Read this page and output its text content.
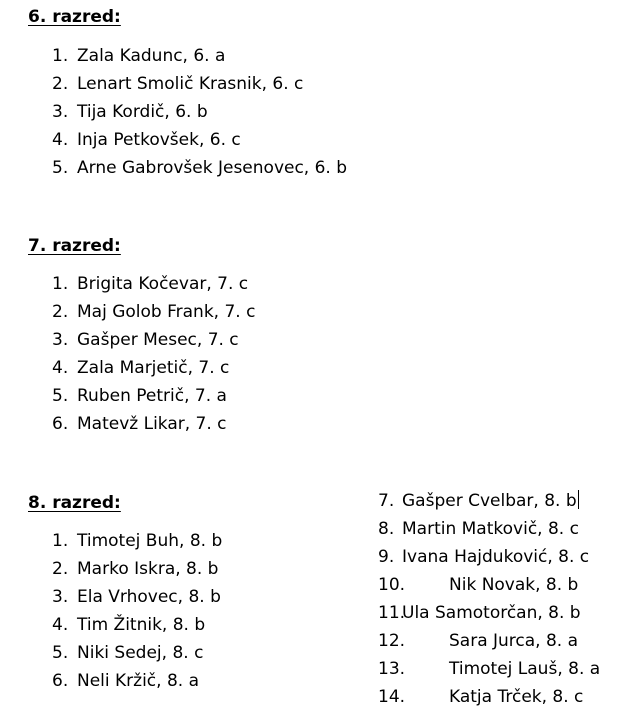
6. razred:

1. Zala Kadunc, 6. a
2. Lenart Smolič Krasnik, 6. c
3. Tija Kordič, 6. b
4. Inja Petkovšek, 6. c
5. Arne Gabrovšek Jesenovec, 6. b

7. razred:

1. Brigita Kočevar, 7. c
2. Maj Golob Frank, 7. c
3. Gašper Mesec, 7. c
4. Zala Marjetič, 7. c
5. Ruben Petrič, 7. a
6. Matevž Likar, 7. c

8. razred:

1. Timotej Buh, 8. b
2. Marko Iskra, 8. b
3. Ela Vrhovec, 8. b
4. Tim Žitnik, 8. b
5. Niki Sedej, 8. c
6. Neli Kržič, 8. a
7. Gašper Cvelbar, 8. b
8. Martin Matkovič, 8. c
9. Ivana Hajduković, 8. c
10.	Nik Novak, 8. b
11.
Ula Samotorčan, 8. b
12.	Sara Jurca, 8. a
13.	Timotej Lauš, 8. a
14.	Katja Trček, 8. c
